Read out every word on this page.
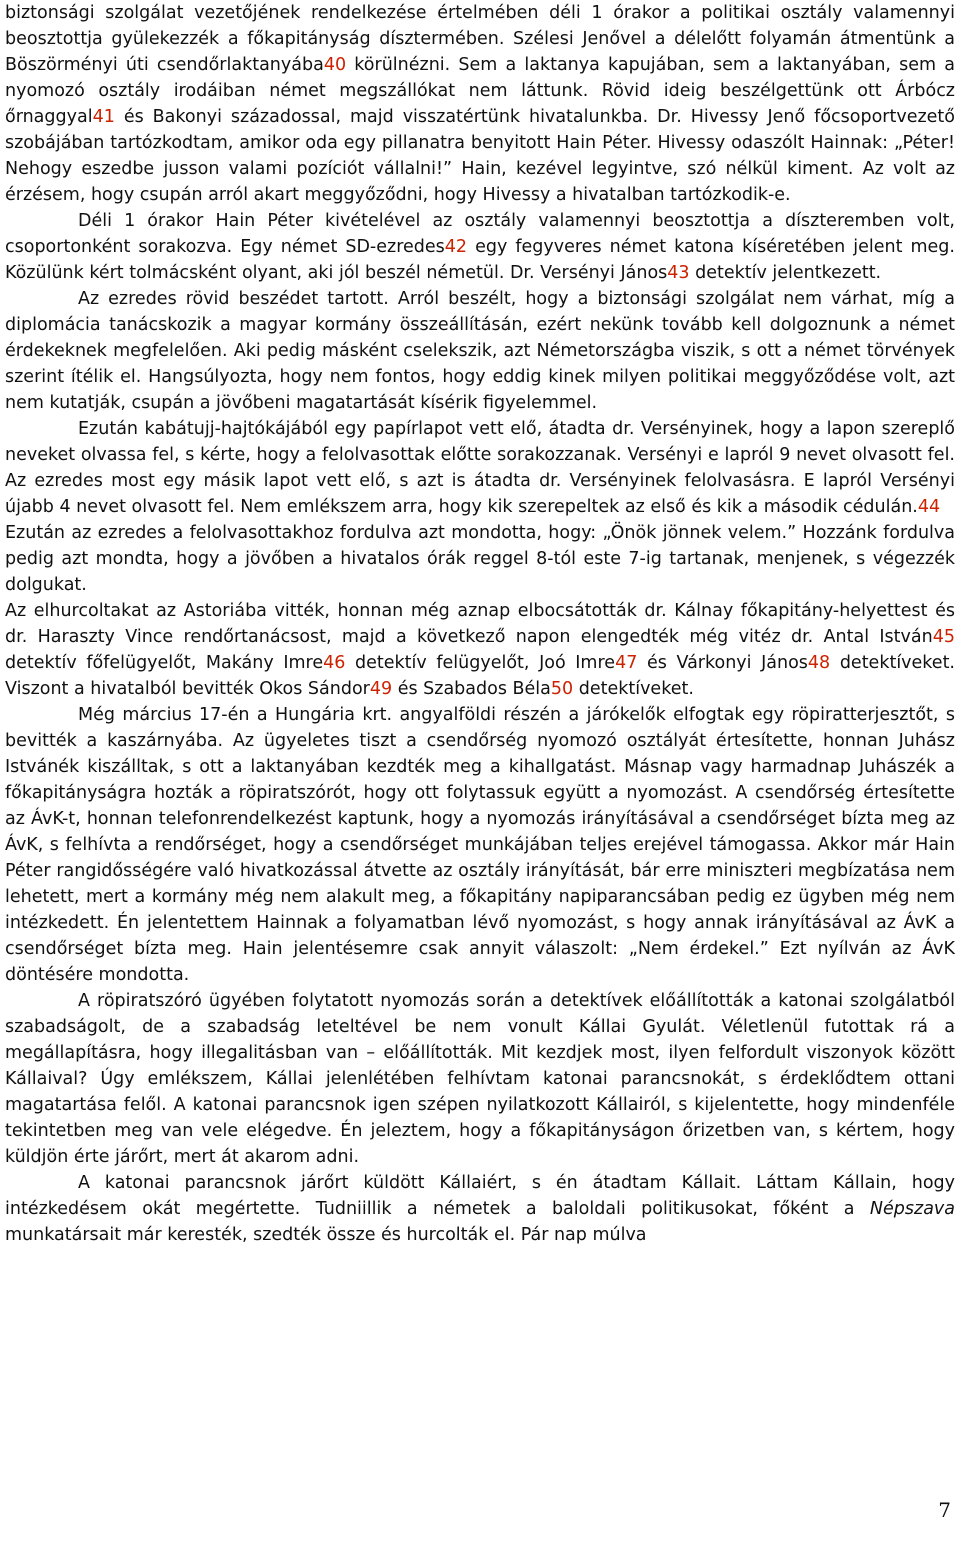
biztonsági szolgálat vezetőjének rendelkezése értelmében déli 1 órakor a politikai osztály valamennyi beosztottja gyülekezzék a főkapitányság dísztermében. Szélesi Jenővel a délelőtt folyamán átmentünk a Böszörményi úti csendőrlaktanyába40 körülnézni. Sem a laktanya kapujában, sem a laktanyában, sem a nyomozó osztály irodáiban német megszállókat nem láttunk. Rövid ideig beszélgettünk ott Árbócz őrnaggyal41 és Bakonyi századossal, majd visszatértünk hivatalunkba. Dr. Hivessy Jenő főcsoportvezető szobájában tartózkodtam, amikor oda egy pillanatra benyitott Hain Péter. Hivessy odaszólt Hainnak: „Péter! Nehogy eszedbe jusson valami pozíciót vállalni!” Hain, kezével legyintve, szó nélkül kiment. Az volt az érzésem, hogy csupán arról akart meggyőződni, hogy Hivessy a hivatalban tartózkodik-e.

Déli 1 órakor Hain Péter kivételével az osztály valamennyi beosztottja a díszteremben volt, csoportonként sorakozva. Egy német SD-ezredes42 egy fegyveres német katona kíséretében jelent meg. Közülünk kért tolmácsként olyant, aki jól beszél németül. Dr. Versényi János43 detektív jelentkezett.

Az ezredes rövid beszédet tartott. Arról beszélt, hogy a biztonsági szolgálat nem várhat, míg a diplomácia tanácskozik a magyar kormány összeállításán, ezért nekünk tovább kell dolgoznunk a német érdekeknek megfelelően. Aki pedig másként cselekszik, azt Németországba viszik, s ott a német törvények szerint ítélik el. Hangsúlyozta, hogy nem fontos, hogy eddig kinek milyen politikai meggyőződése volt, azt nem kutatják, csupán a jövőbeni magatartását kísérik figyelemmel.

Ezután kabátujj-hajtókájából egy papírlapot vett elő, átadta dr. Versényinek, hogy a lapon szereplő neveket olvassa fel, s kérte, hogy a felolvasottak előtte sorakozzanak. Versényi e lapról 9 nevet olvasott fel. Az ezredes most egy másik lapot vett elő, s azt is átadta dr. Versényinek felolvasásra. E lapról Versényi újabb 4 nevet olvasott fel. Nem emlékszem arra, hogy kik szerepeltek az első és kik a második cédulán.44

Ezután az ezredes a felolvasottakhoz fordulva azt mondotta, hogy: „Önök jönnek velem.” Hozzánk fordulva pedig azt mondta, hogy a jövőben a hivatalos órák reggel 8-tól este 7-ig tartanak, menjenek, s végezzék dolgukat.

Az elhurcoltakat az Astoriába vitték, honnan még aznap elbocsátották dr. Kálnay főkapitány-helyettest és dr. Haraszty Vince rendőrtanácsost, majd a következő napon elengedték még vitéz dr. Antal István45 detektív főfelügyelőt, Makány Imre46 detektív felügyelőt, Joó Imre47 és Várkonyi János48 detektíveket. Viszont a hivatalból bevitték Okos Sándor49 és Szabados Béla50 detektíveket.

Még március 17-én a Hungária krt. angyalföldi részén a járókelők elfogtak egy röpiratterjesztőt, s bevitték a kaszárnyába. Az ügyeletes tiszt a csendőrség nyomozó osztályát értesítette, honnan Juhász Istvánék kiszálltak, s ott a laktanyában kezdték meg a kihallgatást. Másnap vagy harmadnap Juhászék a főkapitányságra hozták a röpiratszórót, hogy ott folytassuk együtt a nyomozást. A csendőrség értesítette az ÁvK-t, honnan telefonrendelkezést kaptunk, hogy a nyomozás irányításával a csendőrséget bízta meg az ÁvK, s felhívta a rendőrséget, hogy a csendőrséget munkájában teljes erejével támogassa. Akkor már Hain Péter rangidősségére való hivatkozással átvette az osztály irányítását, bár erre miniszteri megbízatása nem lehetett, mert a kormány még nem alakult meg, a főkapitány napiparancsában pedig ez ügyben még nem intézkedett. Én jelentettem Hainnak a folyamatban lévő nyomozást, s hogy annak irányításával az ÁvK a csendőrséget bízta meg. Hain jelentésemre csak annyit válaszolt: „Nem érdekel.” Ezt nyílván az ÁvK döntésére mondotta.

A röpiratszóró ügyében folytatott nyomozás során a detektívek előállították a katonai szolgálatból szabadságolt, de a szabadság leteltével be nem vonult Kállai Gyulát. Véletlenül futottak rá a megállapításra, hogy illegalitásban van – előállították. Mit kezdjek most, ilyen felfordult viszonyok között Kállaival? Úgy emlékszem, Kállai jelenlétében felhívtam katonai parancsnokát, s érdeklődtem ottani magatartása felől. A katonai parancsnok igen szépen nyilatkozott Kállairól, s kijelentette, hogy mindenféle tekintetben meg van vele elégedve. Én jeleztem, hogy a főkapitányságon őrizetben van, s kértem, hogy küldjön érte járőrt, mert át akarom adni.

A katonai parancsnok járőrt küldött Kállaiért, s én átadtam Kállait. Láttam Kállain, hogy intézkedésem okát megértette. Tudniillik a németek a baloldali politikusokat, főként a Népszava munkatársait már keresték, szedték össze és hurcolták el. Pár nap múlva

7
